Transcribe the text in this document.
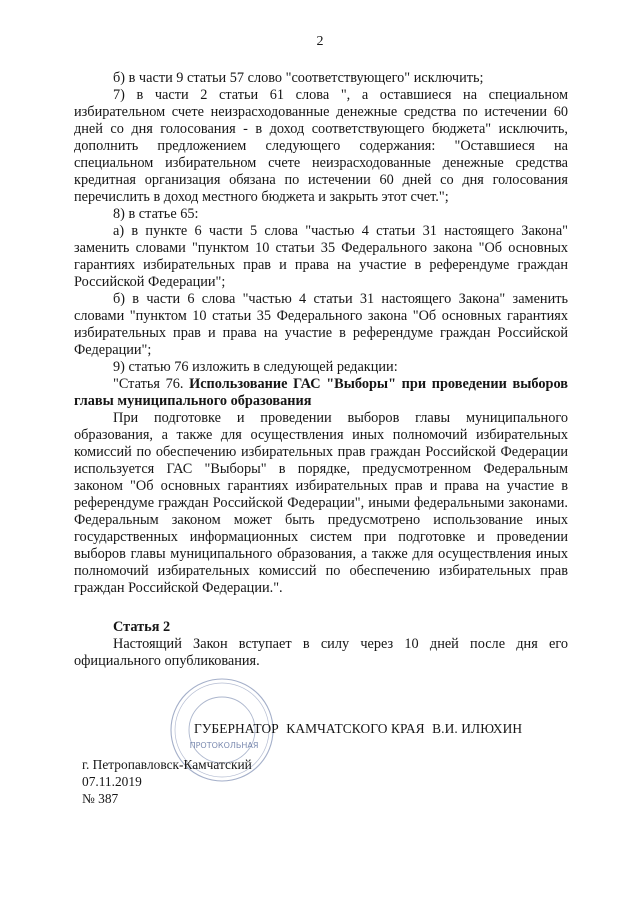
2

б) в части 9 статьи 57 слово "соответствующего" исключить;

7) в части 2 статьи 61 слова ", а оставшиеся на специальном избирательном счете неизрасходованные денежные средства по истечении 60 дней со дня голосования - в доход соответствующего бюджета" исключить, дополнить предложением следующего содержания: "Оставшиеся на специальном избирательном счете неизрасходованные денежные средства кредитная организация обязана по истечении 60 дней со дня голосования перечислить в доход местного бюджета и закрыть этот счет.";

8) в статье 65:

а) в пункте 6 части 5 слова "частью 4 статьи 31 настоящего Закона" заменить словами "пунктом 10 статьи 35 Федерального закона "Об основных гарантиях избирательных прав и права на участие в референдуме граждан Российской Федерации";

б) в части 6 слова "частью 4 статьи 31 настоящего Закона" заменить словами "пунктом 10 статьи 35 Федерального закона "Об основных гарантиях избирательных прав и права на участие в референдуме граждан Российской Федерации";

9) статью 76 изложить в следующей редакции:

"Статья 76. Использование ГАС "Выборы" при проведении выборов главы муниципального образования

При подготовке и проведении выборов главы муниципального образования, а также для осуществления иных полномочий избирательных комиссий по обеспечению избирательных прав граждан Российской Федерации используется ГАС "Выборы" в порядке, предусмотренном Федеральным законом "Об основных гарантиях избирательных прав и права на участие в референдуме граждан Российской Федерации", иными федеральными законами. Федеральным законом может быть предусмотрено использование иных государственных информационных систем при подготовке и проведении выборов главы муниципального образования, а также для осуществления иных полномочий избирательных комиссий по обеспечению избирательных прав граждан Российской Федерации.".

Статья 2

Настоящий Закон вступает в силу через 10 дней после дня его официального опубликования.

ПРОТОКОЛЬНАЯ
ГУБЕРНАТОР КАМЧАТСКОГО КРАЯ В.И. ИЛЮХИН
г. Петропавловск-Камчатский
07.11.2019
№ 387
